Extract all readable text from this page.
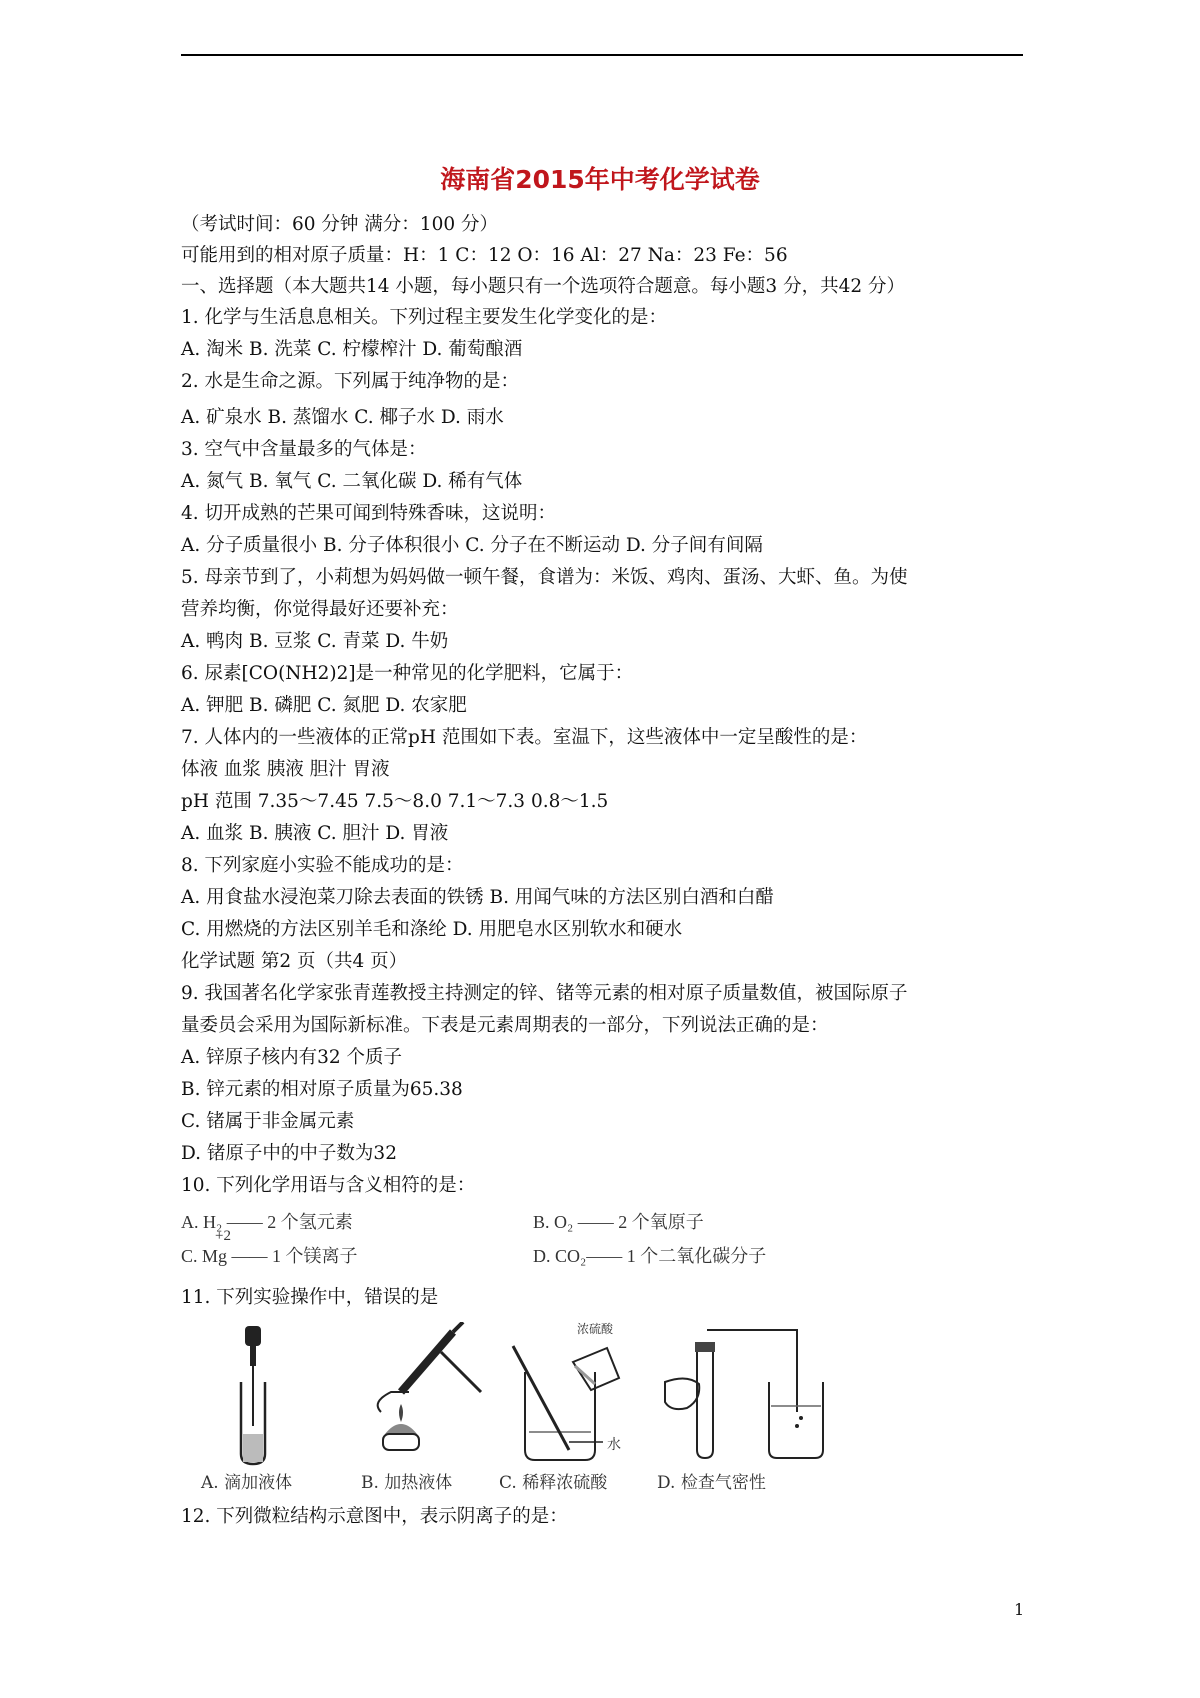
海南省2015年中考化学试卷
（考试时间：60 分钟 满分：100 分）
可能用到的相对原子质量：H：1 C：12 O：16 Al：27 Na：23 Fe：56
一、选择题（本大题共14 小题，每小题只有一个选项符合题意。每小题3 分，共42 分）
1. 化学与生活息息相关。下列过程主要发生化学变化的是：
A. 淘米 B. 洗菜 C. 柠檬榨汁 D. 葡萄酿酒
2. 水是生命之源。下列属于纯净物的是：
A. 矿泉水 B. 蒸馏水 C. 椰子水 D. 雨水
3. 空气中含量最多的气体是：
A. 氮气 B. 氧气 C. 二氧化碳 D. 稀有气体
4. 切开成熟的芒果可闻到特殊香味，这说明：
A. 分子质量很小 B. 分子体积很小 C. 分子在不断运动 D. 分子间有间隔
5. 母亲节到了，小莉想为妈妈做一顿午餐，食谱为：米饭、鸡肉、蛋汤、大虾、鱼。为使
营养均衡，你觉得最好还要补充：
A. 鸭肉 B. 豆浆 C. 青菜 D. 牛奶
6. 尿素[CO(NH2)2]是一种常见的化学肥料，它属于：
A. 钾肥 B. 磷肥 C. 氮肥 D. 农家肥
7. 人体内的一些液体的正常pH 范围如下表。室温下，这些液体中一定呈酸性的是：
体液 血浆 胰液 胆汁 胃液
pH 范围 7.35～7.45 7.5～8.0 7.1～7.3 0.8～1.5
A. 血浆 B. 胰液 C. 胆汁 D. 胃液
8. 下列家庭小实验不能成功的是：
A. 用食盐水浸泡菜刀除去表面的铁锈 B. 用闻气味的方法区别白酒和白醋
C. 用燃烧的方法区别羊毛和涤纶 D. 用肥皂水区别软水和硬水
化学试题 第2 页（共4 页）
9. 我国著名化学家张青莲教授主持测定的锌、锗等元素的相对原子质量数值，被国际原子
量委员会采用为国际新标准。下表是元素周期表的一部分，下列说法正确的是：
A. 锌原子核内有32 个质子
B. 锌元素的相对原子质量为65.38
C. 锗属于非金属元素
D. 锗原子中的中子数为32
10. 下列化学用语与含义相符的是：
A. H₂ —— 2 个氢元素	B. O₂ —— 2 个氧原子
+2
C. Mg —— 1 个镁离子	D. CO₂—— 1 个二氧化碳分子
11. 下列实验操作中，错误的是
A. 滴加液体	B. 加热液体
浓硫酸
水
C. 稀释浓硫酸	D. 检查气密性
12. 下列微粒结构示意图中，表示阴离子的是：
1
